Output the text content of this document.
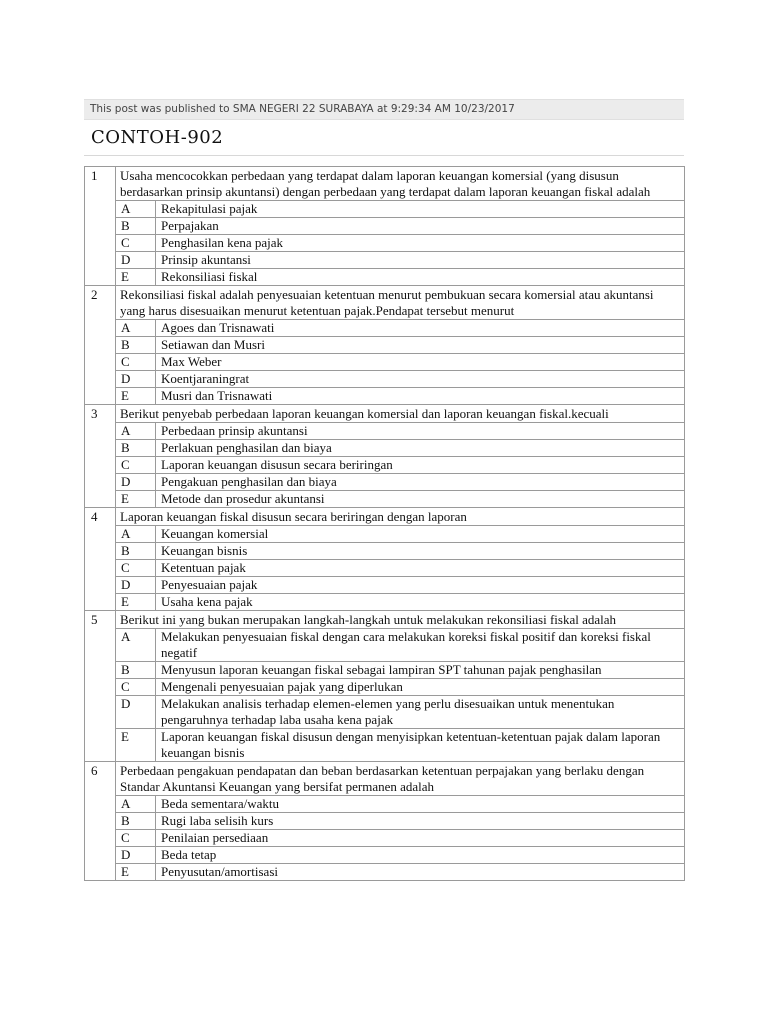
This post was published to SMA NEGERI 22 SURABAYA at 9:29:34 AM 10/23/2017
CONTOH-902
1	Usaha mencocokkan perbedaan yang terdapat dalam laporan keuangan komersial (yang disusun berdasarkan prinsip akuntansi) dengan perbedaan yang terdapat dalam laporan keuangan fiskal adalah	
	A	Rekapitulasi pajak
	B	Perpajakan
	C	Penghasilan kena pajak
	D	Prinsip akuntansi
	E	Rekonsiliasi fiskal
2	Rekonsiliasi fiskal adalah penyesuaian ketentuan menurut pembukuan secara komersial atau akuntansi yang harus disesuaikan menurut ketentuan pajak.Pendapat tersebut menurut	
	A	Agoes dan Trisnawati
	B	Setiawan dan Musri
	C	Max Weber
	D	Koentjaraningrat
	E	Musri dan Trisnawati
3	Berikut penyebab perbedaan laporan keuangan komersial dan laporan keuangan fiskal.kecuali	
	A	Perbedaan prinsip akuntansi
	B	Perlakuan penghasilan dan biaya
	C	Laporan keuangan disusun secara beriringan
	D	Pengakuan penghasilan dan biaya
	E	Metode dan prosedur akuntansi
4	Laporan keuangan fiskal disusun secara beriringan dengan laporan	
	A	Keuangan komersial
	B	Keuangan bisnis
	C	Ketentuan pajak
	D	Penyesuaian pajak
	E	Usaha kena pajak
5	Berikut ini yang bukan merupakan langkah-langkah untuk melakukan rekonsiliasi fiskal adalah	
	A	Melakukan penyesuaian fiskal dengan cara melakukan koreksi fiskal positif dan koreksi fiskal negatif
	B	Menyusun laporan keuangan fiskal sebagai lampiran SPT tahunan pajak penghasilan
	C	Mengenali penyesuaian pajak yang diperlukan
	D	Melakukan analisis terhadap elemen-elemen yang perlu disesuaikan untuk menentukan pengaruhnya terhadap laba usaha kena pajak
	E	Laporan keuangan fiskal disusun dengan menyisipkan ketentuan-ketentuan pajak dalam laporan keuangan bisnis
6	Perbedaan pengakuan pendapatan dan beban berdasarkan ketentuan perpajakan yang berlaku dengan Standar Akuntansi Keuangan yang bersifat permanen adalah	
	A	Beda sementara/waktu
	B	Rugi laba selisih kurs
	C	Penilaian persediaan
	D	Beda tetap
	E	Penyusutan/amortisasi
